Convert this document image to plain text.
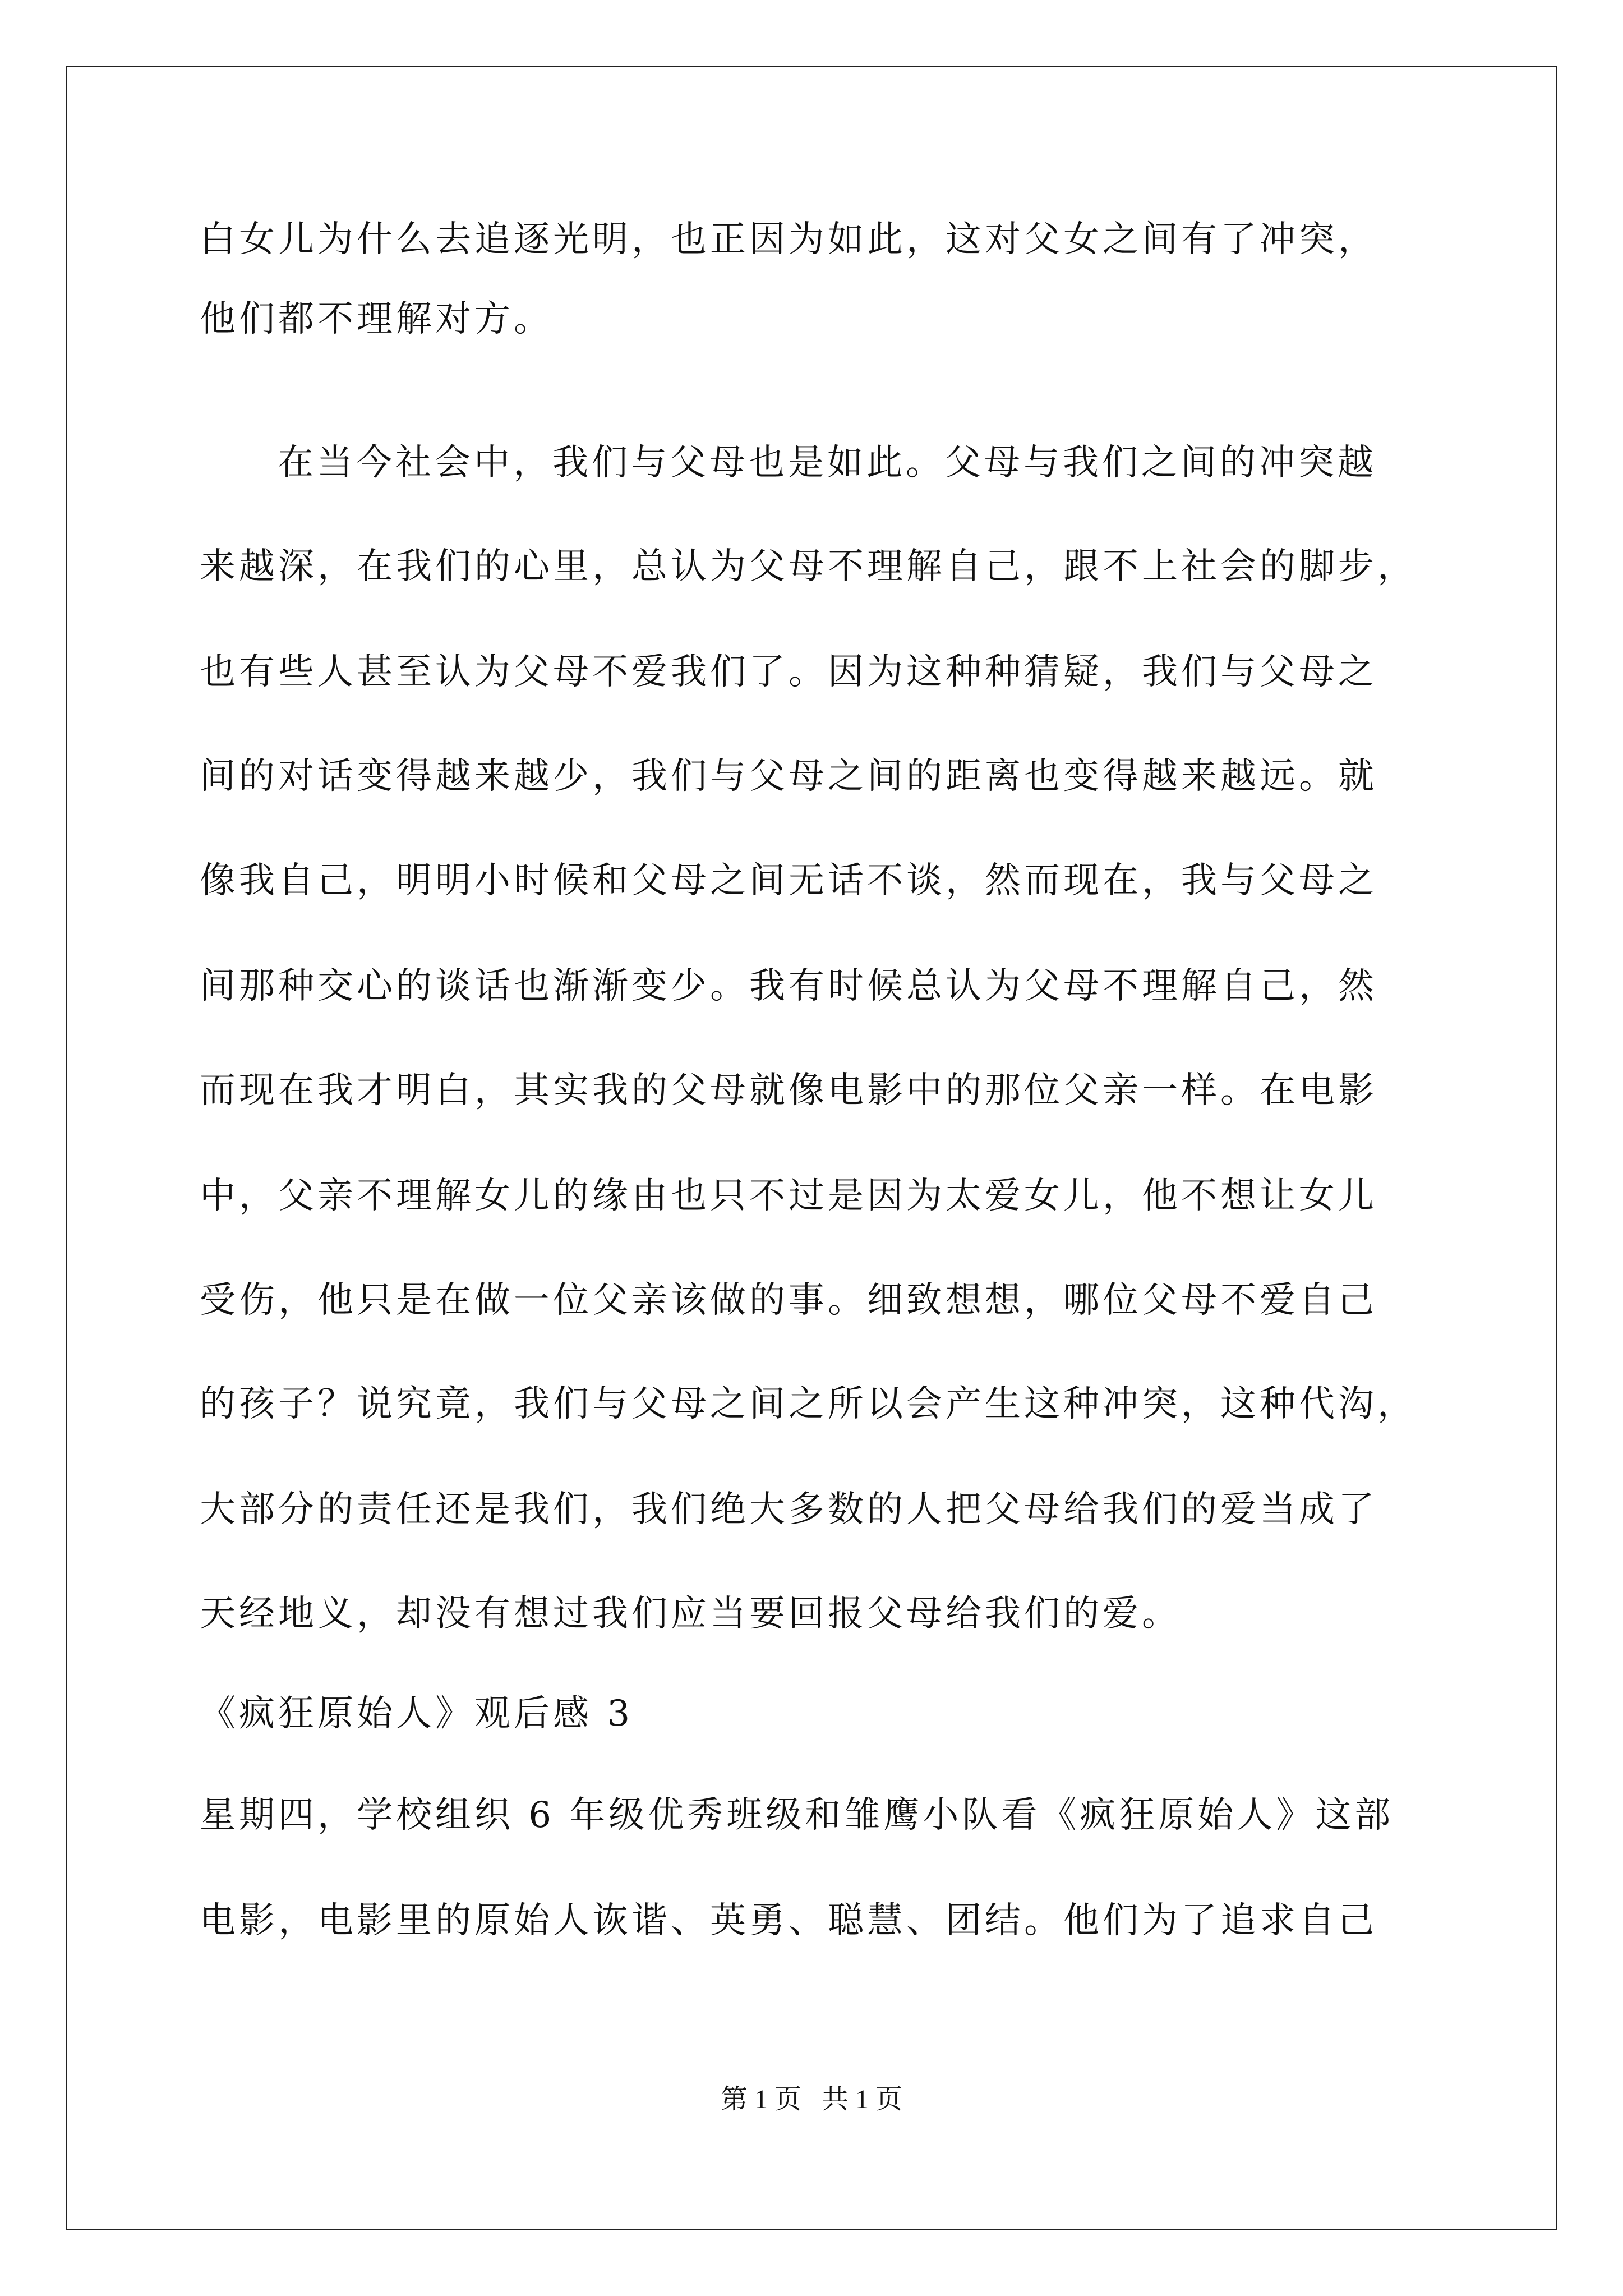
白女儿为什么去追逐光明，也正因为如此，这对父女之间有了冲突，

他们都不理解对方。

在当今社会中，我们与父母也是如此。父母与我们之间的冲突越

来越深，在我们的心里，总认为父母不理解自己，跟不上社会的脚步，

也有些人甚至认为父母不爱我们了。因为这种种猜疑，我们与父母之

间的对话变得越来越少，我们与父母之间的距离也变得越来越远。就

像我自己，明明小时候和父母之间无话不谈，然而现在，我与父母之

间那种交心的谈话也渐渐变少。我有时候总认为父母不理解自己，然

而现在我才明白，其实我的父母就像电影中的那位父亲一样。在电影

中，父亲不理解女儿的缘由也只不过是因为太爱女儿，他不想让女儿

受伤，他只是在做一位父亲该做的事。细致想想，哪位父母不爱自己

的孩子？说究竟，我们与父母之间之所以会产生这种冲突，这种代沟，

大部分的责任还是我们，我们绝大多数的人把父母给我们的爱当成了

天经地义，却没有想过我们应当要回报父母给我们的爱。

《疯狂原始人》观后感 3

星期四，学校组织 6 年级优秀班级和雏鹰小队看《疯狂原始人》这部

电影，电影里的原始人诙谐、英勇、聪慧、团结。他们为了追求自己

第 1 页   共 1 页
